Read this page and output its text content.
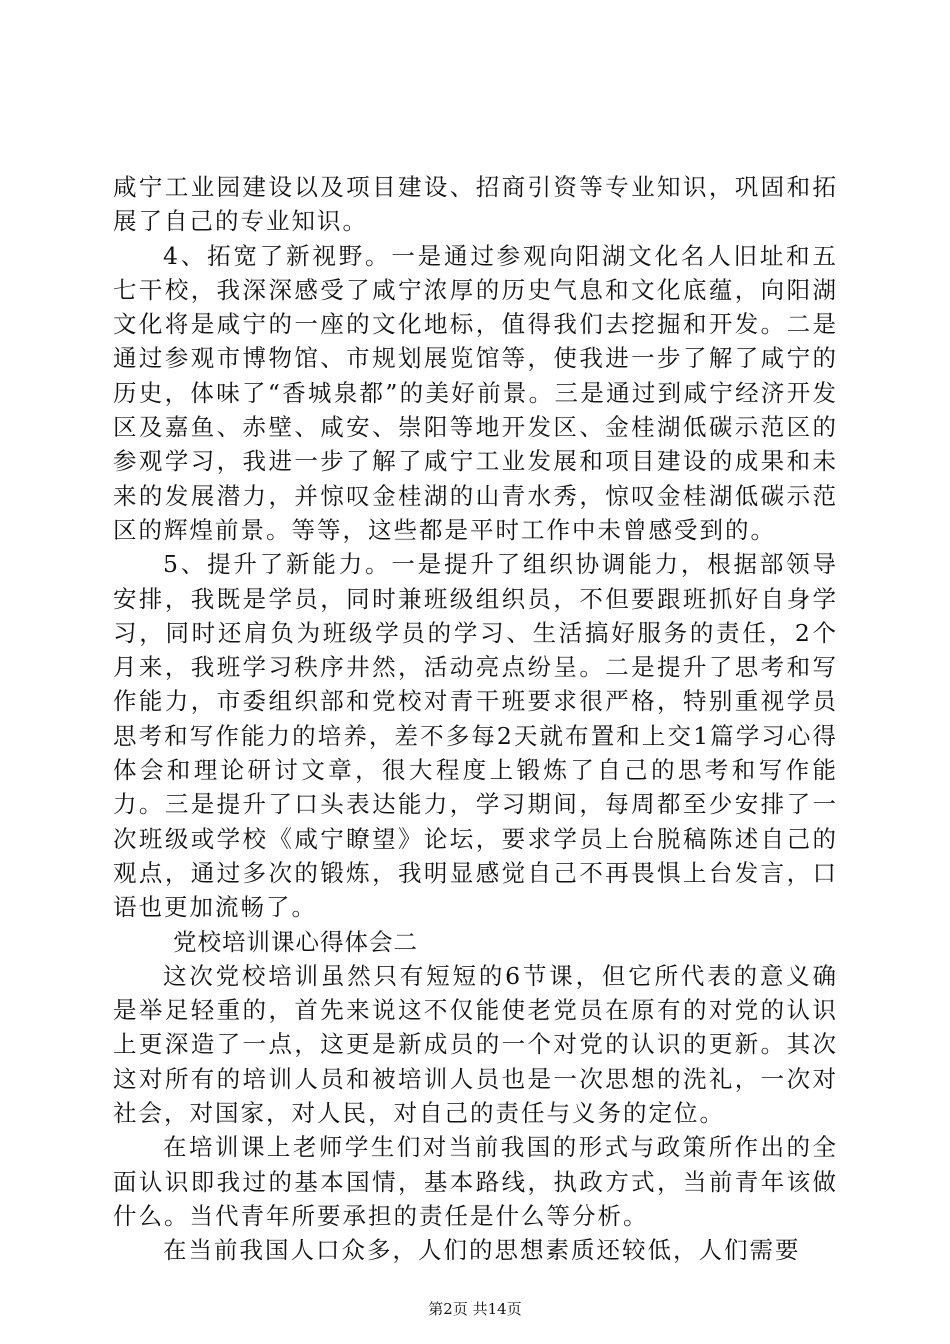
咸宁工业园建设以及项目建设、招商引资等专业知识，巩固和拓展了自己的专业知识。

4、拓宽了新视野。一是通过参观向阳湖文化名人旧址和五七干校，我深深感受了咸宁浓厚的历史气息和文化底蕴，向阳湖文化将是咸宁的一座的文化地标，值得我们去挖掘和开发。二是通过参观市博物馆、市规划展览馆等，使我进一步了解了咸宁的历史，体味了“香城泉都”的美好前景。三是通过到咸宁经济开发区及嘉鱼、赤壁、咸安、崇阳等地开发区、金桂湖低碳示范区的参观学习，我进一步了解了咸宁工业发展和项目建设的成果和未来的发展潜力，并惊叹金桂湖的山青水秀，惊叹金桂湖低碳示范区的辉煌前景。等等，这些都是平时工作中未曾感受到的。

5、提升了新能力。一是提升了组织协调能力，根据部领导安排，我既是学员，同时兼班级组织员，不但要跟班抓好自身学习，同时还肩负为班级学员的学习、生活搞好服务的责任，2个月来，我班学习秩序井然，活动亮点纷呈。二是提升了思考和写作能力，市委组织部和党校对青干班要求很严格，特别重视学员思考和写作能力的培养，差不多每2天就布置和上交1篇学习心得体会和理论研讨文章，很大程度上锻炼了自己的思考和写作能力。三是提升了口头表达能力，学习期间，每周都至少安排了一次班级或学校《咸宁瞭望》论坛，要求学员上台脱稿陈述自己的观点，通过多次的锻炼，我明显感觉自己不再畏惧上台发言，口语也更加流畅了。

党校培训课心得体会二

这次党校培训虽然只有短短的6节课，但它所代表的意义确是举足轻重的，首先来说这不仅能使老党员在原有的对党的认识上更深造了一点，这更是新成员的一个对党的认识的更新。其次这对所有的培训人员和被培训人员也是一次思想的洗礼，一次对社会，对国家，对人民，对自己的责任与义务的定位。

在培训课上老师学生们对当前我国的形式与政策所作出的全面认识即我过的基本国情，基本路线，执政方式，当前青年该做什么。当代青年所要承担的责任是什么等分析。

在当前我国人口众多，人们的思想素质还较低，人们需要

第2页 共14页
